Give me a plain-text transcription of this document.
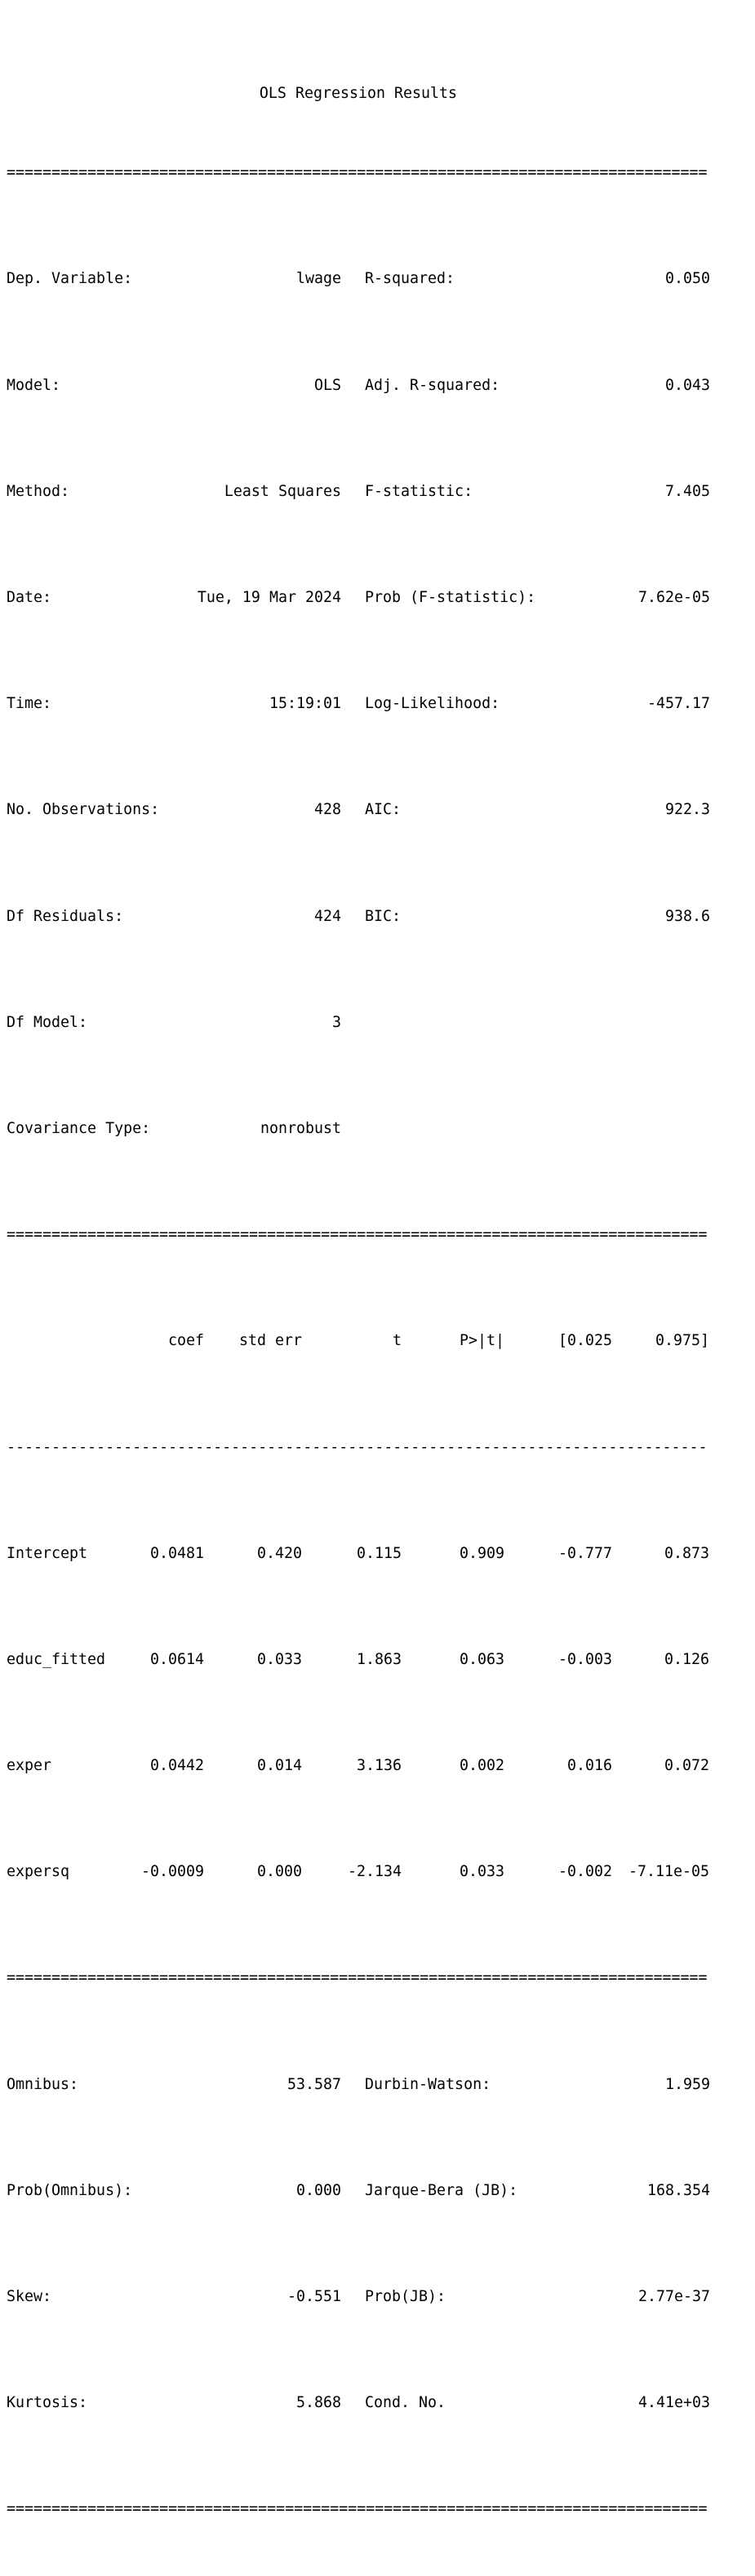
OLS Regression Results

==============================================================================

Dep. Variable:	lwage R-squared:	0.050

Model:	OLS Adj. R-squared:	0.043

Method:	Least Squares F-statistic:	7.405

Date:	Tue, 19 Mar 2024 Prob (F-statistic):	7.62e-05

Time:	15:19:01 Log-Likelihood:	-457.17

No. Observations:	428 AIC:	922.3

Df Residuals:	424 BIC:	938.6

Df Model:	3

Covariance Type:	nonrobust

==============================================================================

coef	std err	t	P>|t|	[0.025	0.975]

------------------------------------------------------------------------------

Intercept	0.0481	0.420	0.115	0.909	-0.777	0.873

educ_fitted	0.0614	0.033	1.863	0.063	-0.003	0.126

exper	0.0442	0.014	3.136	0.002	0.016	0.072

expersq	-0.0009	0.000	-2.134	0.033	-0.002	-7.11e-05

==============================================================================

Omnibus:	53.587 Durbin-Watson:	1.959

Prob(Omnibus):	0.000 Jarque-Bera (JB):	168.354

Skew:	-0.551 Prob(JB):	2.77e-37

Kurtosis:	5.868 Cond. No.	4.41e+03

==============================================================================
